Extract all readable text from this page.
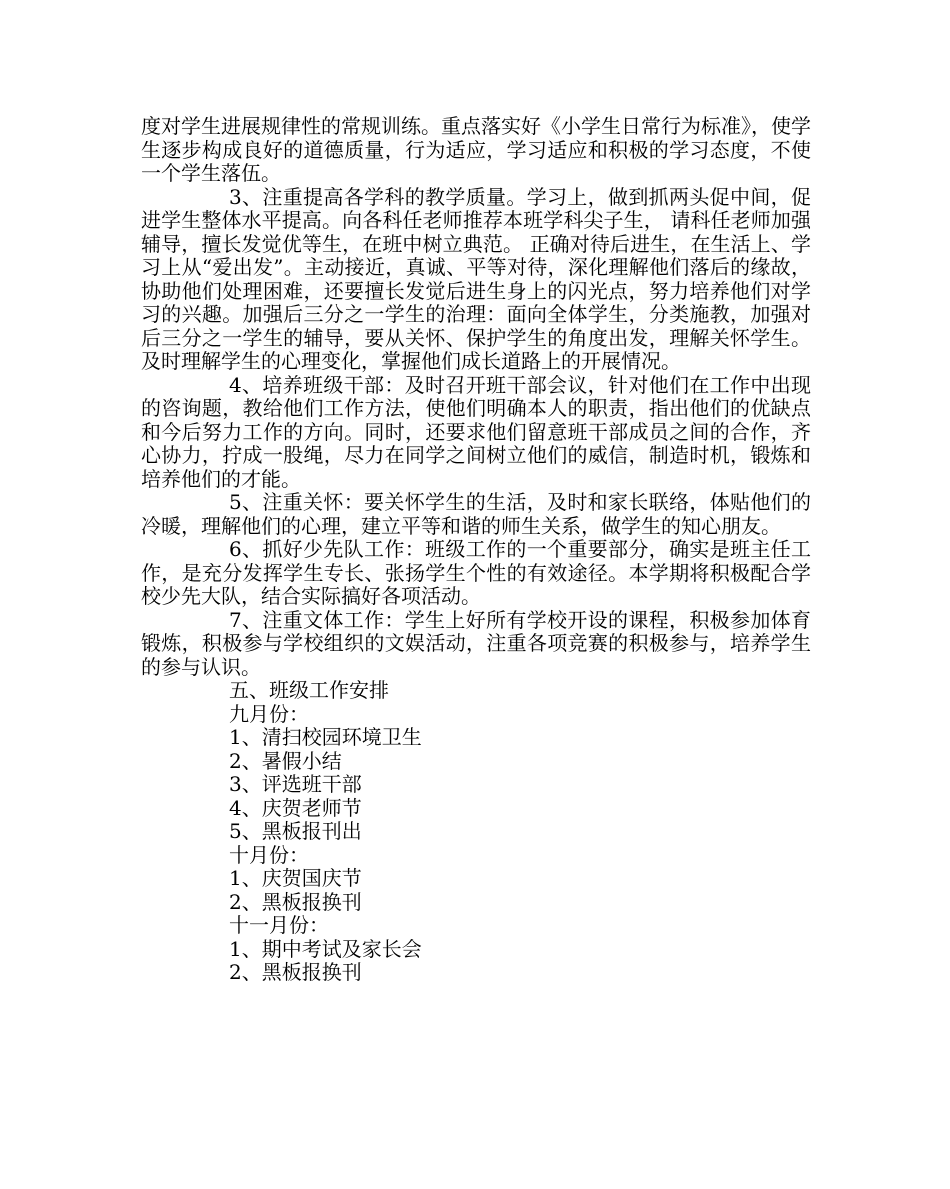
度对学生进展规律性的常规训练。重点落实好《小学生日常行为标准》，使学生逐步构成良好的道德质量，行为适应，学习适应和积极的学习态度，不使一个学生落伍。

3、注重提高各学科的教学质量。学习上，做到抓两头促中间，促进学生整体水平提高。向各科任老师推荐本班学科尖子生， 请科任老师加强辅导，擅长发觉优等生，在班中树立典范。 正确对待后进生，在生活上、学习上从“爱出发”。主动接近，真诚、平等对待，深化理解他们落后的缘故，协助他们处理困难，还要擅长发觉后进生身上的闪光点，努力培养他们对学习的兴趣。加强后三分之一学生的治理：面向全体学生，分类施教，加强对后三分之一学生的辅导，要从关怀、保护学生的角度出发，理解关怀学生。及时理解学生的心理变化，掌握他们成长道路上的开展情况。

4、培养班级干部：及时召开班干部会议，针对他们在工作中出现的咨询题，教给他们工作方法，使他们明确本人的职责，指出他们的优缺点和今后努力工作的方向。同时，还要求他们留意班干部成员之间的合作，齐心协力，拧成一股绳，尽力在同学之间树立他们的威信，制造时机，锻炼和培养他们的才能。

5、注重关怀：要关怀学生的生活，及时和家长联络，体贴他们的冷暖，理解他们的心理，建立平等和谐的师生关系，做学生的知心朋友。

6、抓好少先队工作：班级工作的一个重要部分，确实是班主任工作，是充分发挥学生专长、张扬学生个性的有效途径。本学期将积极配合学校少先大队，结合实际搞好各项活动。

7、注重文体工作：学生上好所有学校开设的课程，积极参加体育锻炼，积极参与学校组织的文娱活动，注重各项竞赛的积极参与，培养学生的参与认识。

五、班级工作安排

九月份：

1、清扫校园环境卫生

2、暑假小结

3、评选班干部

4、庆贺老师节

5、黑板报刊出

十月份：

1、庆贺国庆节

2、黑板报换刊

十一月份：

1、期中考试及家长会

2、黑板报换刊
